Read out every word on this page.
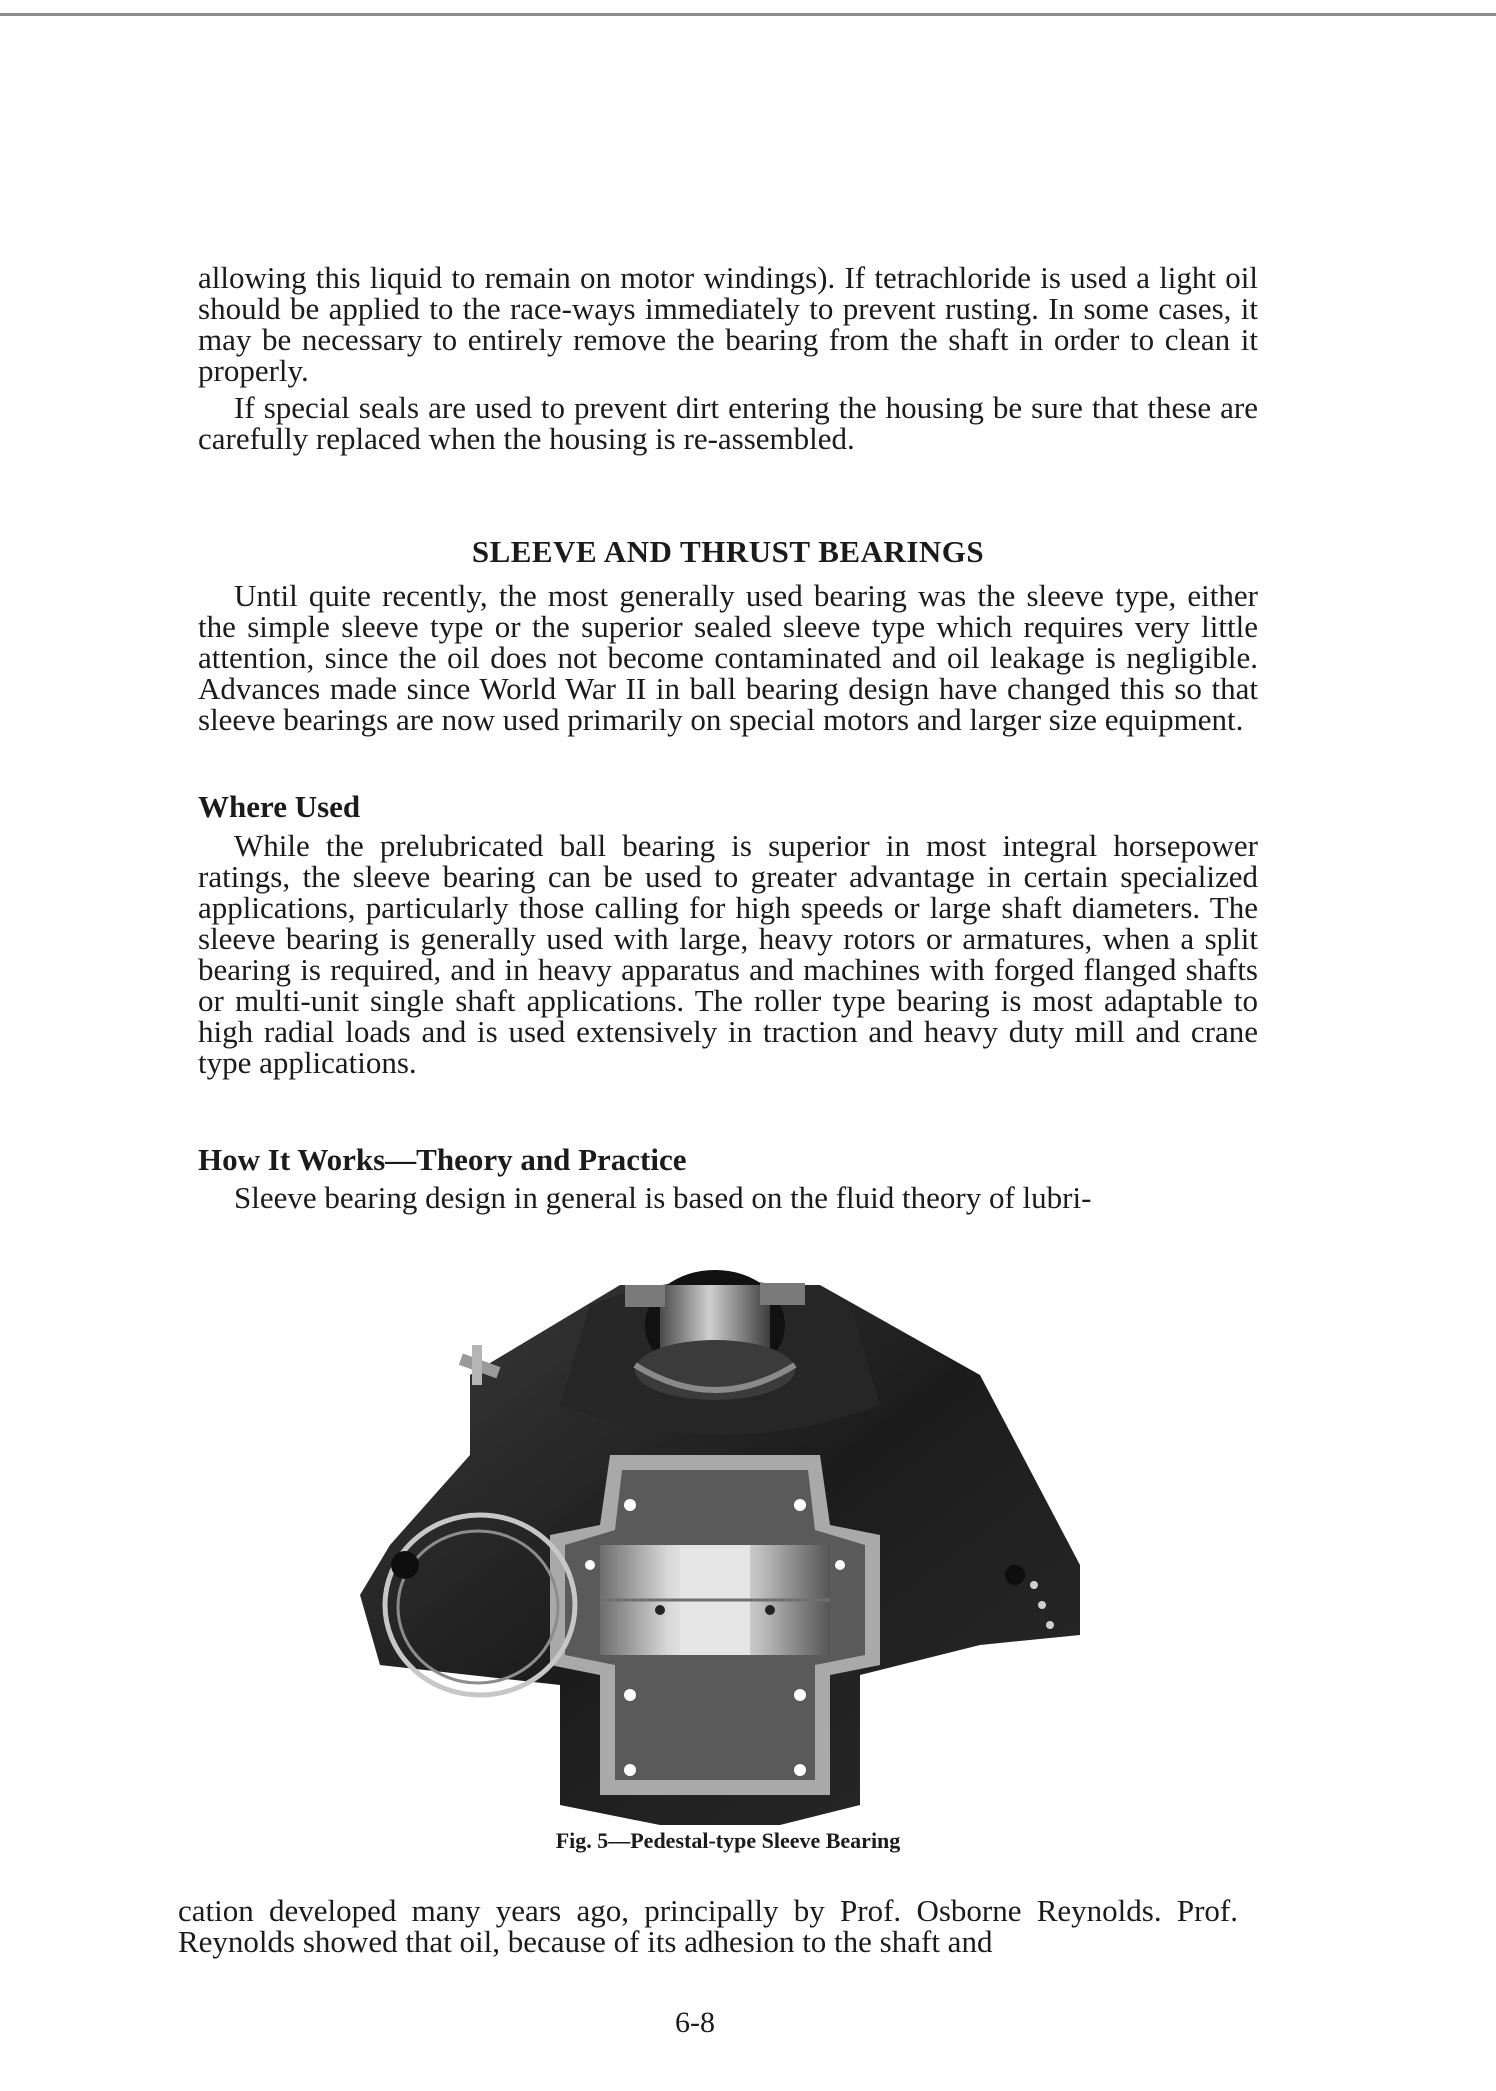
allowing this liquid to remain on motor windings). If tetrachloride is used a light oil should be applied to the race-ways immediately to prevent rusting. In some cases, it may be necessary to entirely remove the bearing from the shaft in order to clean it properly.

If special seals are used to prevent dirt entering the housing be sure that these are carefully replaced when the housing is re-assembled.

SLEEVE AND THRUST BEARINGS

Until quite recently, the most generally used bearing was the sleeve type, either the simple sleeve type or the superior sealed sleeve type which requires very little attention, since the oil does not become contaminated and oil leakage is negligible. Advances made since World War II in ball bearing design have changed this so that sleeve bearings are now used primarily on special motors and larger size equipment.

Where Used

While the prelubricated ball bearing is superior in most integral horsepower ratings, the sleeve bearing can be used to greater advantage in certain specialized applications, particularly those calling for high speeds or large shaft diameters. The sleeve bearing is generally used with large, heavy rotors or armatures, when a split bearing is required, and in heavy apparatus and machines with forged flanged shafts or multi-unit single shaft applications. The roller type bearing is most adaptable to high radial loads and is used extensively in traction and heavy duty mill and crane type applications.

How It Works—Theory and Practice

Sleeve bearing design in general is based on the fluid theory of lubri-

Fig. 5—Pedestal-type Sleeve Bearing

cation developed many years ago, principally by Prof. Osborne Reynolds. Prof. Reynolds showed that oil, because of its adhesion to the shaft and

6-8
